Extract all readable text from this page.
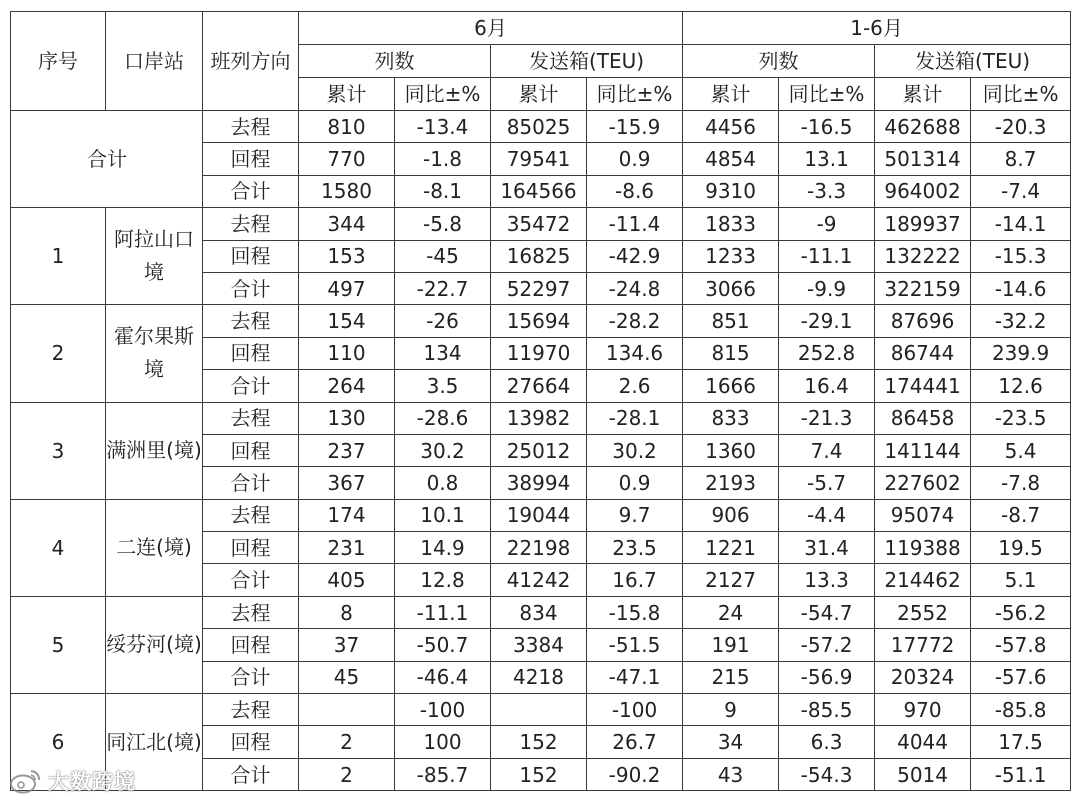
序号	口岸站	班列方向	6月				1-6月			
			列数		发送箱(TEU)		列数		发送箱(TEU)	
			累计	同比±%	累计	同比±%	累计	同比±%	累计	同比±%
合计		去程	810	-13.4	85025	-15.9	4456	-16.5	462688	-20.3
		回程	770	-1.8	79541	0.9	4854	13.1	501314	8.7
		合计	1580	-8.1	164566	-8.6	9310	-3.3	964002	-7.4
1	阿拉山口境	去程	344	-5.8	35472	-11.4	1833	-9	189937	-14.1
		回程	153	-45	16825	-42.9	1233	-11.1	132222	-15.3
		合计	497	-22.7	52297	-24.8	3066	-9.9	322159	-14.6
2	霍尔果斯境	去程	154	-26	15694	-28.2	851	-29.1	87696	-32.2
		回程	110	134	11970	134.6	815	252.8	86744	239.9
		合计	264	3.5	27664	2.6	1666	16.4	174441	12.6
3	满洲里(境)	去程	130	-28.6	13982	-28.1	833	-21.3	86458	-23.5
		回程	237	30.2	25012	30.2	1360	7.4	141144	5.4
		合计	367	0.8	38994	0.9	2193	-5.7	227602	-7.8
4	二连(境)	去程	174	10.1	19044	9.7	906	-4.4	95074	-8.7
		回程	231	14.9	22198	23.5	1221	31.4	119388	19.5
		合计	405	12.8	41242	16.7	2127	13.3	214462	5.1
5	绥芬河(境)	去程	8	-11.1	834	-15.8	24	-54.7	2552	-56.2
		回程	37	-50.7	3384	-51.5	191	-57.2	17772	-57.8
		合计	45	-46.4	4218	-47.1	215	-56.9	20324	-57.6
6	同江北(境)	去程		-100		-100	9	-85.5	970	-85.8
		回程	2	100	152	26.7	34	6.3	4044	17.5
		合计	2	-85.7	152	-90.2	43	-54.3	5014	-51.1
大数跨境
